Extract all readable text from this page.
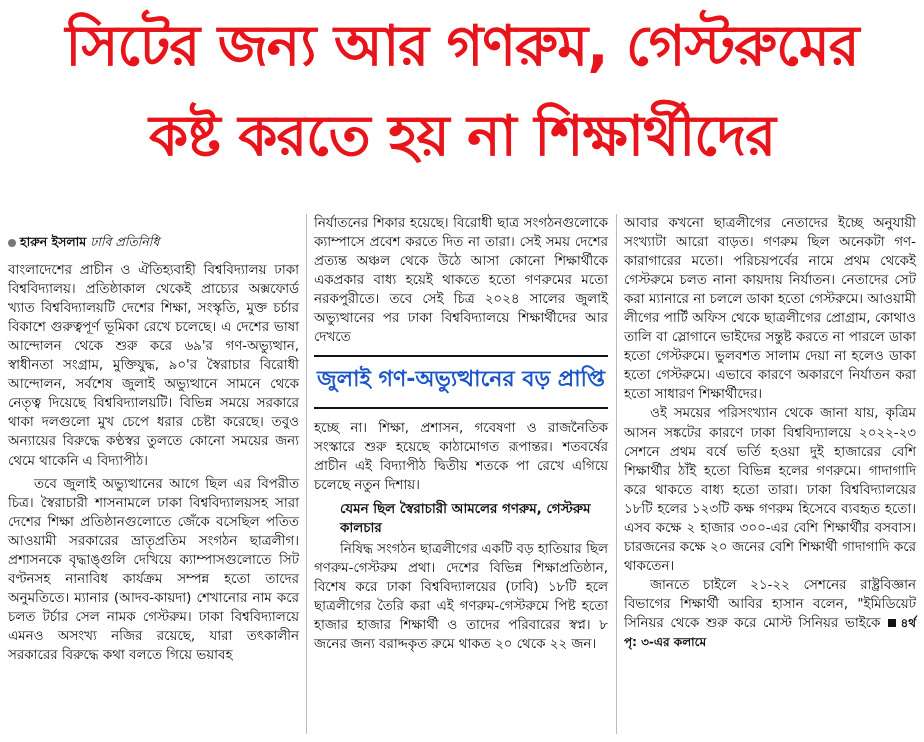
সিটের জন্য আর গণরুম, গেস্টরুমের
কষ্ট করতে হয় না শিক্ষার্থীদের
হারুন ইসলাম ঢাবি প্রতিনিধি

বাংলাদেশের প্রাচীন ও ঐতিহ্যবাহী বিশ্ববিদ্যালয় ঢাকা বিশ্ববিদ্যালয়। প্রতিষ্ঠাকাল থেকেই প্রাচ্যের অক্সফোর্ড খ্যাত বিশ্ববিদ্যালয়টি দেশের শিক্ষা, সংস্কৃতি, মুক্ত চর্চার বিকাশে গুরুত্বপূর্ণ ভূমিকা রেখে চলেছে। এ দেশের ভাষা আন্দোলন থেকে শুরু করে ৬৯'র গণ-অভ্যুত্থান, স্বাধীনতা সংগ্রাম, মুক্তিযুদ্ধ, ৯০'র স্বৈরাচার বিরোধী আন্দোলন, সর্বশেষ জুলাই অভ্যুত্থানে সামনে থেকে নেতৃত্ব দিয়েছে বিশ্ববিদ্যালয়টি। বিভিন্ন সময়ে সরকারে থাকা দলগুলো মুখ চেপে ধরার চেষ্টা করেছে। তবুও অন্যায়ের বিরুদ্ধে কণ্ঠস্বর তুলতে কোনো সময়ের জন্য থেমে থাকেনি এ বিদ্যাপীঠ।

তবে জুলাই অভ্যুত্থানের আগে ছিল এর বিপরীত চিত্র। স্বৈরাচারী শাসনামলে ঢাকা বিশ্ববিদ্যালয়সহ সারা দেশের শিক্ষা প্রতিষ্ঠানগুলোতে জেঁকে বসেছিল পতিত আওয়ামী সরকারের ভ্রাতৃপ্রতিম সংগঠন ছাত্রলীগ। প্রশাসনকে বৃদ্ধাঙ্গুলি দেখিয়ে ক্যাম্পাসগুলোতে সিট বণ্টনসহ নানাবিধ কার্যক্রম সম্পন্ন হতো তাদের অনুমতিতে। ম্যানার (আদব-কায়দা) শেখানোর নাম করে চলত টর্চার সেল নামক গেস্টরুম। ঢাকা বিশ্ববিদ্যালয়ে এমনও অসংখ্য নজির রয়েছে, যারা তৎকালীন সরকারের বিরুদ্ধে কথা বলতে গিয়ে ভয়াবহ

নির্যাতনের শিকার হয়েছে। বিরোধী ছাত্র সংগঠনগুলোকে ক্যাম্পাসে প্রবেশ করতে দিত না তারা। সেই সময় দেশের প্রত্যন্ত অঞ্চল থেকে উঠে আসা কোনো শিক্ষার্থীকে একপ্রকার বাধ্য হয়েই থাকতে হতো গণরুমের মতো নরকপুরীতে। তবে সেই চিত্র ২০২৪ সালের জুলাই অভ্যুত্থানের পর ঢাকা বিশ্ববিদ্যালয়ে শিক্ষার্থীদের আর দেখতে

জুলাই গণ-অভ্যুত্থানের বড় প্রাপ্তি

হচ্ছে না। শিক্ষা, প্রশাসন, গবেষণা ও রাজনৈতিক সংস্কারে শুরু হয়েছে কাঠামোগত রূপান্তর। শতবর্ষের প্রাচীন এই বিদ্যাপীঠ দ্বিতীয় শতকে পা রেখে এগিয়ে চলেছে নতুন দিশায়।

যেমন ছিল স্বৈরাচারী আমলের গণরুম, গেস্টরুম কালচার

নিষিদ্ধ সংগঠন ছাত্রলীগের একটি বড় হাতিয়ার ছিল গণরুম-গেস্টরুম প্রথা। দেশের বিভিন্ন শিক্ষাপ্রতিষ্ঠান, বিশেষ করে ঢাকা বিশ্ববিদ্যালয়ের (ঢাবি) ১৮টি হলে ছাত্রলীগের তৈরি করা এই গণরুম-গেস্টরুমে পিষ্ট হতো হাজার হাজার শিক্ষার্থী ও তাদের পরিবারের স্বপ্ন। ৮ জনের জন্য বরাদ্দকৃত রুমে থাকত ২০ থেকে ২২ জন।

আবার কখনো ছাত্রলীগের নেতাদের ইচ্ছে অনুযায়ী সংখ্যাটা আরো বাড়ত। গণরুম ছিল অনেকটা গণ-কারাগারের মতো। পরিচয়পর্বের নামে প্রথম থেকেই গেস্টরুমে চলত নানা কায়দায় নির্যাতন। নেতাদের সেট করা ম্যানারে না চললে ডাকা হতো গেস্টরুমে। আওয়ামী লীগের পার্টি অফিস থেকে ছাত্রলীগের প্রোগ্রাম, কোথাও তালি বা স্লোগানে ভাইদের সন্তুষ্ট করতে না পারলে ডাকা হতো গেস্টরুমে। ভুলবশত সালাম দেয়া না হলেও ডাকা হতো গেস্টরুমে। এভাবে কারণে অকারণে নির্যাতন করা হতো সাধারণ শিক্ষার্থীদের।

ওই সময়ের পরিসংখ্যান থেকে জানা যায়, কৃত্রিম আসন সঙ্কটের কারণে ঢাকা বিশ্ববিদ্যালয়ে ২০২২-২৩ সেশনে প্রথম বর্ষে ভর্তি হওয়া দুই হাজারের বেশি শিক্ষার্থীর ঠাঁই হতো বিভিন্ন হলের গণরুমে। গাদাগাদি করে থাকতে বাধ্য হতো তারা। ঢাকা বিশ্ববিদ্যালয়ের ১৮টি হলের ১২৩টি কক্ষ গণরুম হিসেবে ব্যবহৃত হতো। এসব কক্ষে ২ হাজার ৩০০-এর বেশি শিক্ষার্থীর বসবাস। চারজনের কক্ষে ২০ জনের বেশি শিক্ষার্থী গাদাগাদি করে থাকতেন।

জানতে চাইলে ২১-২২ সেশনের রাষ্ট্রবিজ্ঞান বিভাগের শিক্ষার্থী আবির হাসান বলেন, "ইমিডিয়েট সিনিয়র থেকে শুরু করে মোস্ট সিনিয়র ভাইকে ৪র্থ পৃ: ৩-এর কলামে
